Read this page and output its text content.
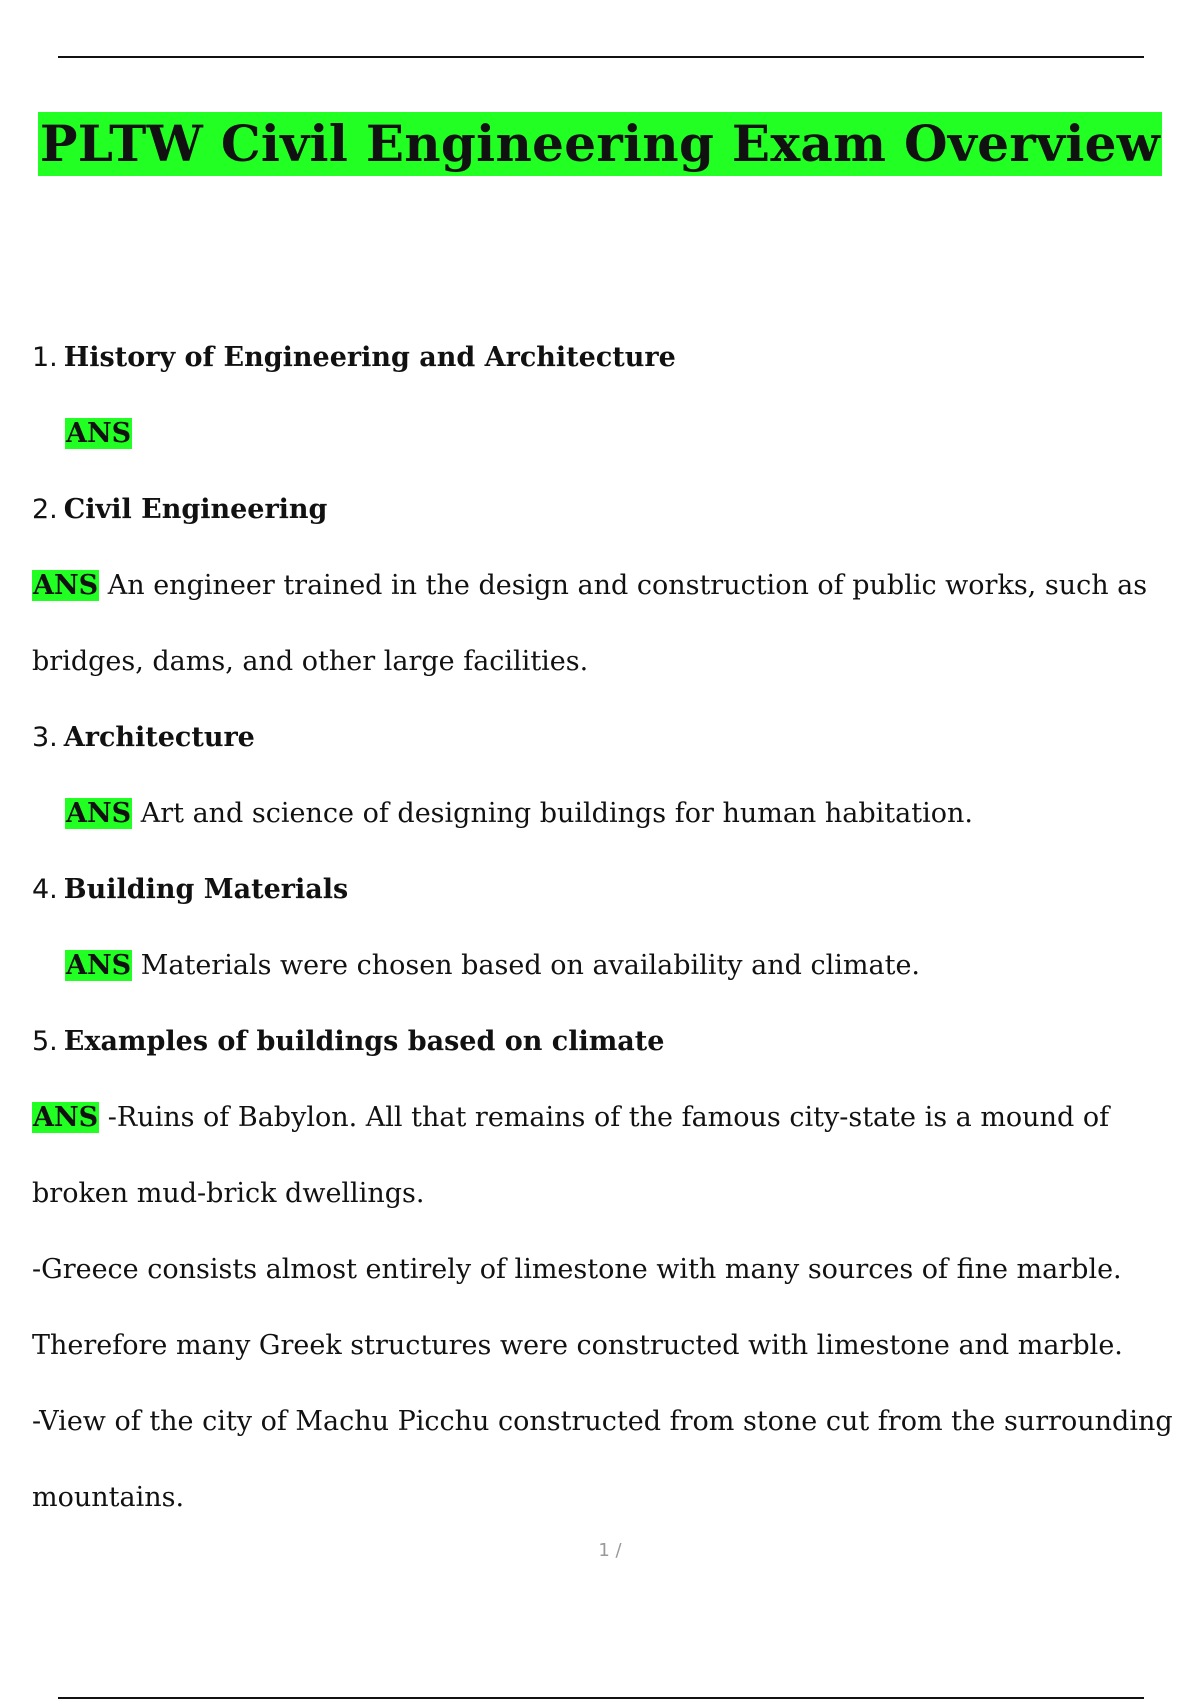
PLTW Civil Engineering Exam Overview
1. History of Engineering and Architecture
ANS
2. Civil Engineering
ANS An engineer trained in the design and construction of public works, such as
bridges, dams, and other large facilities.
3. Architecture
ANS Art and science of designing buildings for human habitation.
4. Building Materials
ANS Materials were chosen based on availability and climate.
5. Examples of buildings based on climate
ANS -Ruins of Babylon. All that remains of the famous city-state is a mound of
broken mud-brick dwellings.
-Greece consists almost entirely of limestone with many sources of fine marble.
Therefore many Greek structures were constructed with limestone and marble.
-View of the city of Machu Picchu constructed from stone cut from the surrounding
mountains.
1 /
